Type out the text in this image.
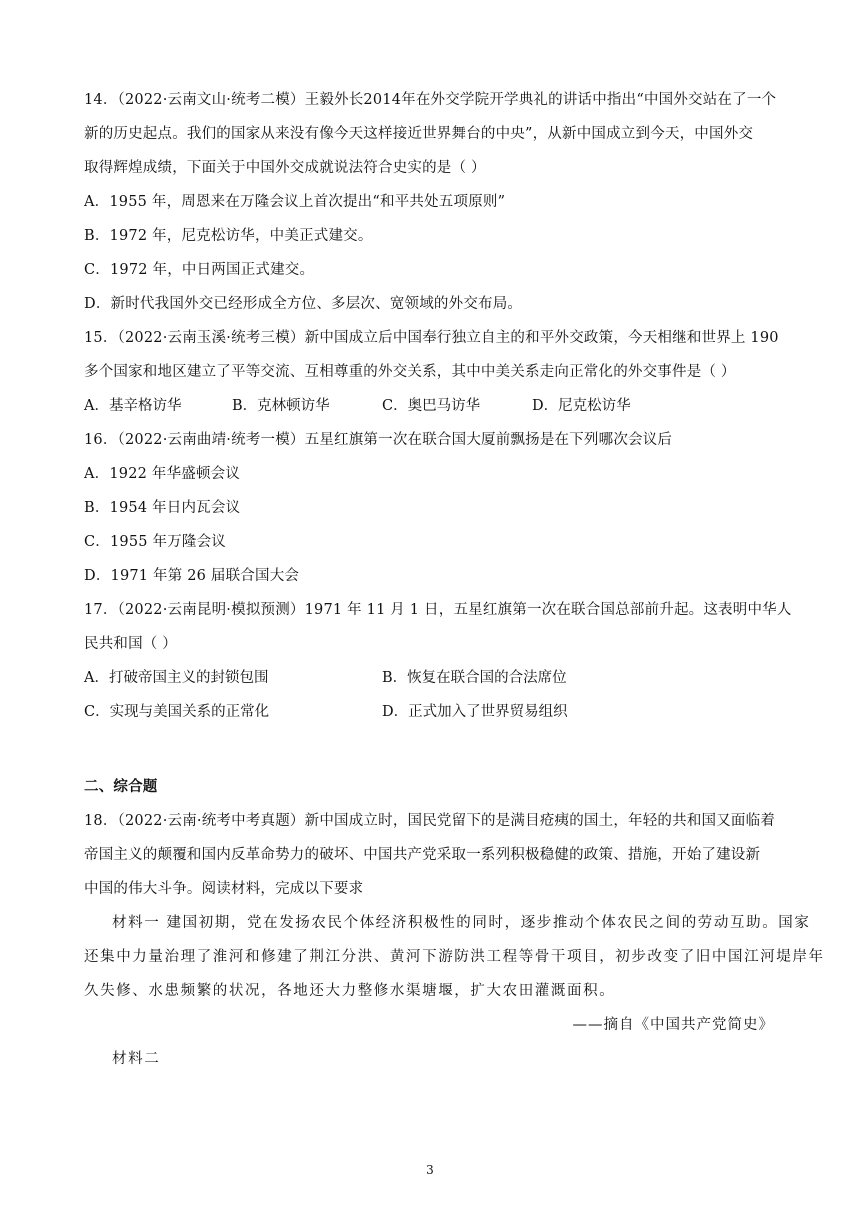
14．（2022·云南文山·统考二模）王毅外长2014年在外交学院开学典礼的讲话中指出“中国外交站在了一个
新的历史起点。我们的国家从来没有像今天这样接近世界舞台的中央”，从新中国成立到今天，中国外交
取得辉煌成绩，下面关于中国外交成就说法符合史实的是（ ）
A．1955 年，周恩来在万隆会议上首次提出“和平共处五项原则”
B．1972 年，尼克松访华，中美正式建交。
C．1972 年，中日两国正式建交。
D．新时代我国外交已经形成全方位、多层次、宽领域的外交布局。
15．（2022·云南玉溪·统考三模）新中国成立后中国奉行独立自主的和平外交政策，今天相继和世界上 190
多个国家和地区建立了平等交流、互相尊重的外交关系，其中中美关系走向正常化的外交事件是（ ）
A．基辛格访华	B．克林顿访华	C．奥巴马访华	D．尼克松访华
16．（2022·云南曲靖·统考一模）五星红旗第一次在联合国大厦前飘扬是在下列哪次会议后
A．1922 年华盛顿会议
B．1954 年日内瓦会议
C．1955 年万隆会议
D．1971 年第 26 届联合国大会
17．（2022·云南昆明·模拟预测）1971 年 11 月 1 日，五星红旗第一次在联合国总部前升起。这表明中华人
民共和国（ ）
A．打破帝国主义的封锁包围	B．恢复在联合国的合法席位
C．实现与美国关系的正常化	D．正式加入了世界贸易组织
二、综合题
18．（2022·云南·统考中考真题）新中国成立时，国民党留下的是满目疮痍的国土，年轻的共和国又面临着
帝国主义的颠覆和国内反革命势力的破坏、中国共产党采取一系列积极稳健的政策、措施，开始了建设新
中国的伟大斗争。阅读材料，完成以下要求
材料一 建国初期，党在发扬农民个体经济积极性的同时，逐步推动个体农民之间的劳动互助。国家
还集中力量治理了淮河和修建了荆江分洪、黄河下游防洪工程等骨干项目，初步改变了旧中国江河堤岸年
久失修、水患频繁的状况，各地还大力整修水渠塘堰，扩大农田灌溉面积。
——摘自《中国共产党简史》
材料二
3
